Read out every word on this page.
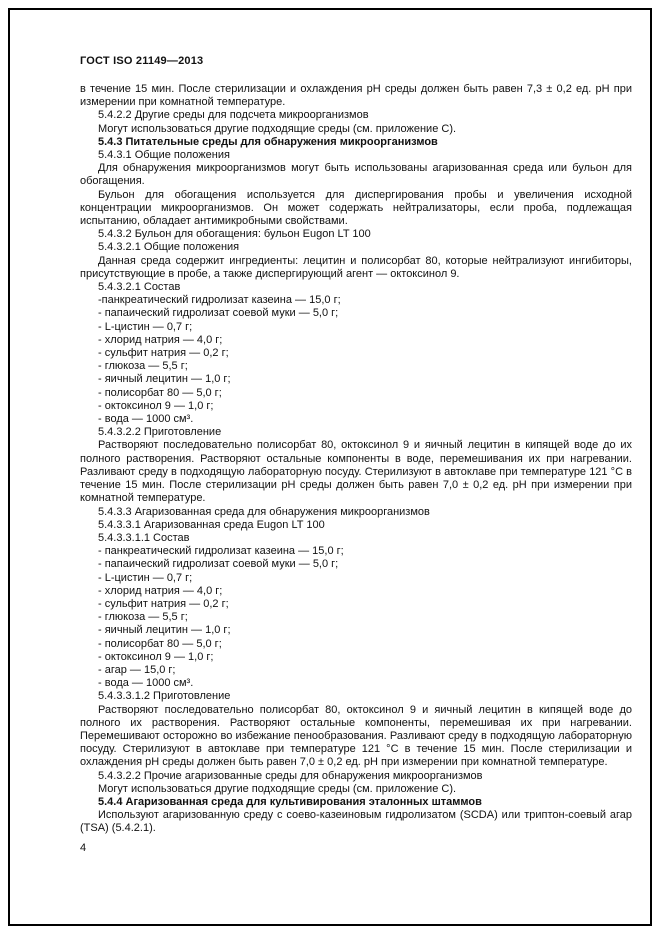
ГОСТ ISO 21149—2013

в течение 15 мин. После стерилизации и охлаждения pH среды должен быть равен 7,3 ± 0,2 ед. pH при измерении при комнатной температуре.

5.4.2.2 Другие среды для подсчета микроорганизмов

Могут использоваться другие подходящие среды (см. приложение С).

5.4.3 Питательные среды для обнаружения микроорганизмов

5.4.3.1 Общие положения

Для обнаружения микроорганизмов могут быть использованы агаризованная среда или бульон для обогащения.

Бульон для обогащения используется для диспергирования пробы и увеличения исходной концентрации микроорганизмов. Он может содержать нейтрализаторы, если проба, подлежащая испытанию, обладает антимикробными свойствами.

5.4.3.2 Бульон для обогащения: бульон Eugon LT 100

5.4.3.2.1 Общие положения

Данная среда содержит ингредиенты: лецитин и полисорбат 80, которые нейтрализуют ингибиторы, присутствующие в пробе, а также диспергирующий агент — октоксинол 9.

5.4.3.2.1 Состав

-панкреатический гидролизат казеина — 15,0 г;

- папаический гидролизат соевой муки — 5,0 г;

- L-цистин — 0,7 г;

- хлорид натрия — 4,0 г;

- сульфит натрия — 0,2 г;

- глюкоза — 5,5 г;

- яичный лецитин — 1,0 г;

- полисорбат 80 — 5,0 г;

- октоксинол 9 — 1,0 г;

- вода — 1000 см³.

5.4.3.2.2 Приготовление

Растворяют последовательно полисорбат 80, октоксинол 9 и яичный лецитин в кипящей воде до их полного растворения. Растворяют остальные компоненты в воде, перемешивания их при нагревании. Разливают среду в подходящую лабораторную посуду. Стерилизуют в автоклаве при температуре 121 °С в течение 15 мин. После стерилизации pH среды должен быть равен 7,0 ± 0,2 ед. pH при измерении при комнатной температуре.

5.4.3.3 Агаризованная среда для обнаружения микроорганизмов

5.4.3.3.1 Агаризованная среда Eugon LT 100

5.4.3.3.1.1 Состав

- панкреатический гидролизат казеина — 15,0 г;

- папаический гидролизат соевой муки — 5,0 г;

- L-цистин — 0,7 г;

- хлорид натрия — 4,0 г;

- сульфит натрия — 0,2 г;

- глюкоза — 5,5 г;

- яичный лецитин — 1,0 г;

- полисорбат 80 — 5,0 г;

- октоксинол 9 — 1,0 г;

- агар — 15,0 г;

- вода — 1000 см³.

5.4.3.3.1.2 Приготовление

Растворяют последовательно полисорбат 80, октоксинол 9 и яичный лецитин в кипящей воде до полного их растворения. Растворяют остальные компоненты, перемешивая их при нагревании. Перемешивают осторожно во избежание пенообразования. Разливают среду в подходящую лабораторную посуду. Стерилизуют в автоклаве при температуре 121 °С в течение 15 мин. После стерилизации и охлаждения pH среды должен быть равен 7,0 ± 0,2 ед. pH при измерении при комнатной температуре.

5.4.3.2.2 Прочие агаризованные среды для обнаружения микроорганизмов

Могут использоваться другие подходящие среды (см. приложение С).

5.4.4 Агаризованная среда для культивирования эталонных штаммов

Используют агаризованную среду с соево-казеиновым гидролизатом (SCDA) или триптон-соевый агар (TSA) (5.4.2.1).

4
